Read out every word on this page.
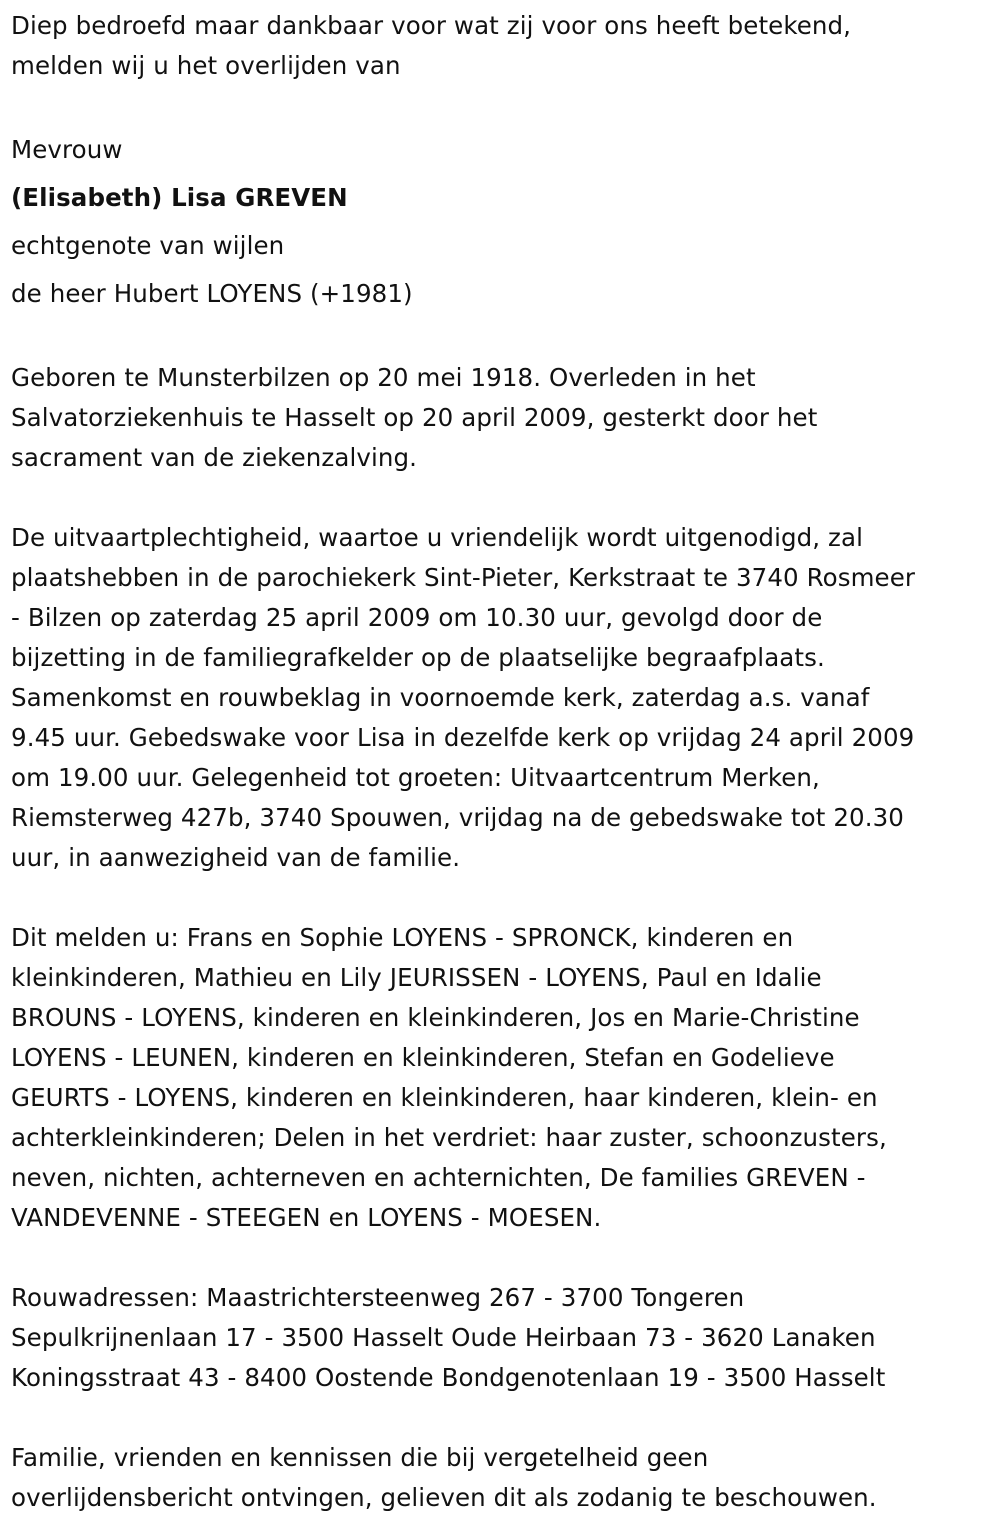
Diep bedroefd maar dankbaar voor wat zij voor ons heeft betekend,
melden wij u het overlijden van
Mevrouw
(Elisabeth) Lisa GREVEN
echtgenote van wijlen
de heer Hubert LOYENS (+1981)
Geboren te Munsterbilzen op 20 mei 1918. Overleden in het
Salvatorziekenhuis te Hasselt op 20 april 2009, gesterkt door het
sacrament van de ziekenzalving.
De uitvaartplechtigheid, waartoe u vriendelijk wordt uitgenodigd, zal
plaatshebben in de parochiekerk Sint-Pieter, Kerkstraat te 3740 Rosmeer
- Bilzen op zaterdag 25 april 2009 om 10.30 uur, gevolgd door de
bijzetting in de familiegrafkelder op de plaatselijke begraafplaats.
Samenkomst en rouwbeklag in voornoemde kerk, zaterdag a.s. vanaf
9.45 uur. Gebedswake voor Lisa in dezelfde kerk op vrijdag 24 april 2009
om 19.00 uur. Gelegenheid tot groeten: Uitvaartcentrum Merken,
Riemsterweg 427b, 3740 Spouwen, vrijdag na de gebedswake tot 20.30
uur, in aanwezigheid van de familie.
Dit melden u: Frans en Sophie LOYENS - SPRONCK, kinderen en
kleinkinderen, Mathieu en Lily JEURISSEN - LOYENS, Paul en Idalie
BROUNS - LOYENS, kinderen en kleinkinderen, Jos en Marie-Christine
LOYENS - LEUNEN, kinderen en kleinkinderen, Stefan en Godelieve
GEURTS - LOYENS, kinderen en kleinkinderen, haar kinderen, klein- en
achterkleinkinderen; Delen in het verdriet: haar zuster, schoonzusters,
neven, nichten, achterneven en achternichten, De families GREVEN -
VANDEVENNE - STEEGEN en LOYENS - MOESEN.
Rouwadressen: Maastrichtersteenweg 267 - 3700 Tongeren
Sepulkrijnenlaan 17 - 3500 Hasselt Oude Heirbaan 73 - 3620 Lanaken
Koningsstraat 43 - 8400 Oostende Bondgenotenlaan 19 - 3500 Hasselt
Familie, vrienden en kennissen die bij vergetelheid geen
overlijdensbericht ontvingen, gelieven dit als zodanig te beschouwen.
